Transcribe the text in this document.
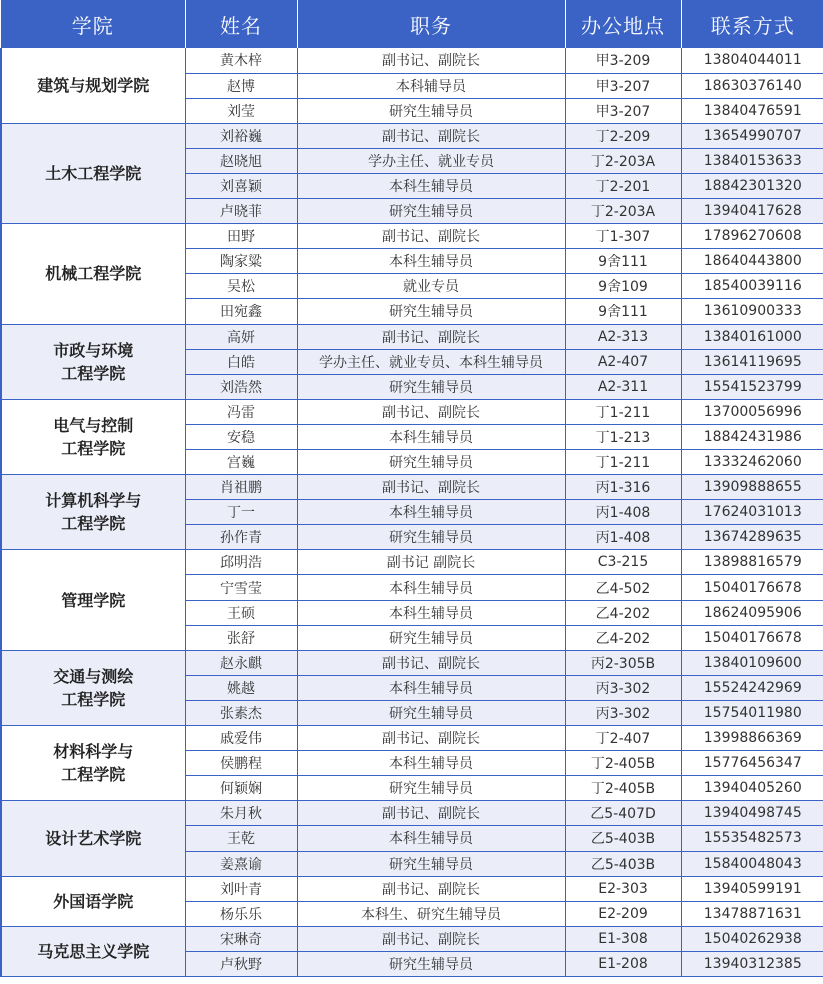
学院	姓名	职务	办公地点	联系方式

建筑与规划学院	黄木梓	副书记、副院长	甲3-209	13804044011
	赵博	本科辅导员	甲3-207	18630376140
	刘莹	研究生辅导员	甲3-207	13840476591

土木工程学院	刘裕巍	副书记、副院长	丁2-209	13654990707
	赵晓旭	学办主任、就业专员	丁2-203A	13840153633
	刘喜颖	本科生辅导员	丁2-201	18842301320
	卢晓菲	研究生辅导员	丁2-203A	13940417628

机械工程学院	田野	副书记、副院长	丁1-307	17896270608
	陶家粱	本科生辅导员	9舍111	18640443800
	吴松	就业专员	9舍109	18540039116
	田宛鑫	研究生辅导员	9舍111	13610900333

市政与环境
工程学院	高妍	副书记、副院长	A2-313	13840161000
	白皓	学办主任、就业专员、本科生辅导员	A2-407	13614119695
	刘浩然	研究生辅导员	A2-311	15541523799

电气与控制
工程学院	冯雷	副书记、副院长	丁1-211	13700056996
	安稳	本科生辅导员	丁1-213	18842431986
	宫巍	研究生辅导员	丁1-211	13332462060

计算机科学与
工程学院	肖祖鹏	副书记、副院长	丙1-316	13909888655
	丁一	本科生辅导员	丙1-408	17624031013
	孙作青	研究生辅导员	丙1-408	13674289635

管理学院	邱明浩	副书记 副院长	C3-215	13898816579
	宁雪莹	本科生辅导员	乙4-502	15040176678
	王硕	本科生辅导员	乙4-202	18624095906
	张舒	研究生辅导员	乙4-202	15040176678

交通与测绘
工程学院	赵永麒	副书记、副院长	丙2-305B	13840109600
	姚越	本科生辅导员	丙3-302	15524242969
	张素杰	研究生辅导员	丙3-302	15754011980

材料科学与
工程学院	戚爱伟	副书记、副院长	丁2-407	13998866369
	侯鹏程	本科生辅导员	丁2-405B	15776456347
	何颖娴	研究生辅导员	丁2-405B	13940405260

设计艺术学院	朱月秋	副书记、副院长	乙5-407D	13940498745
	王乾	本科生辅导员	乙5-403B	15535482573
	姜熹谕	研究生辅导员	乙5-403B	15840048043

外国语学院	刘叶青	副书记、副院长	E2-303	13940599191
	杨乐乐	本科生、研究生辅导员	E2-209	13478871631

马克思主义学院	宋琳奇	副书记、副院长	E1-308	15040262938
	卢秋野	研究生辅导员	E1-208	13940312385
